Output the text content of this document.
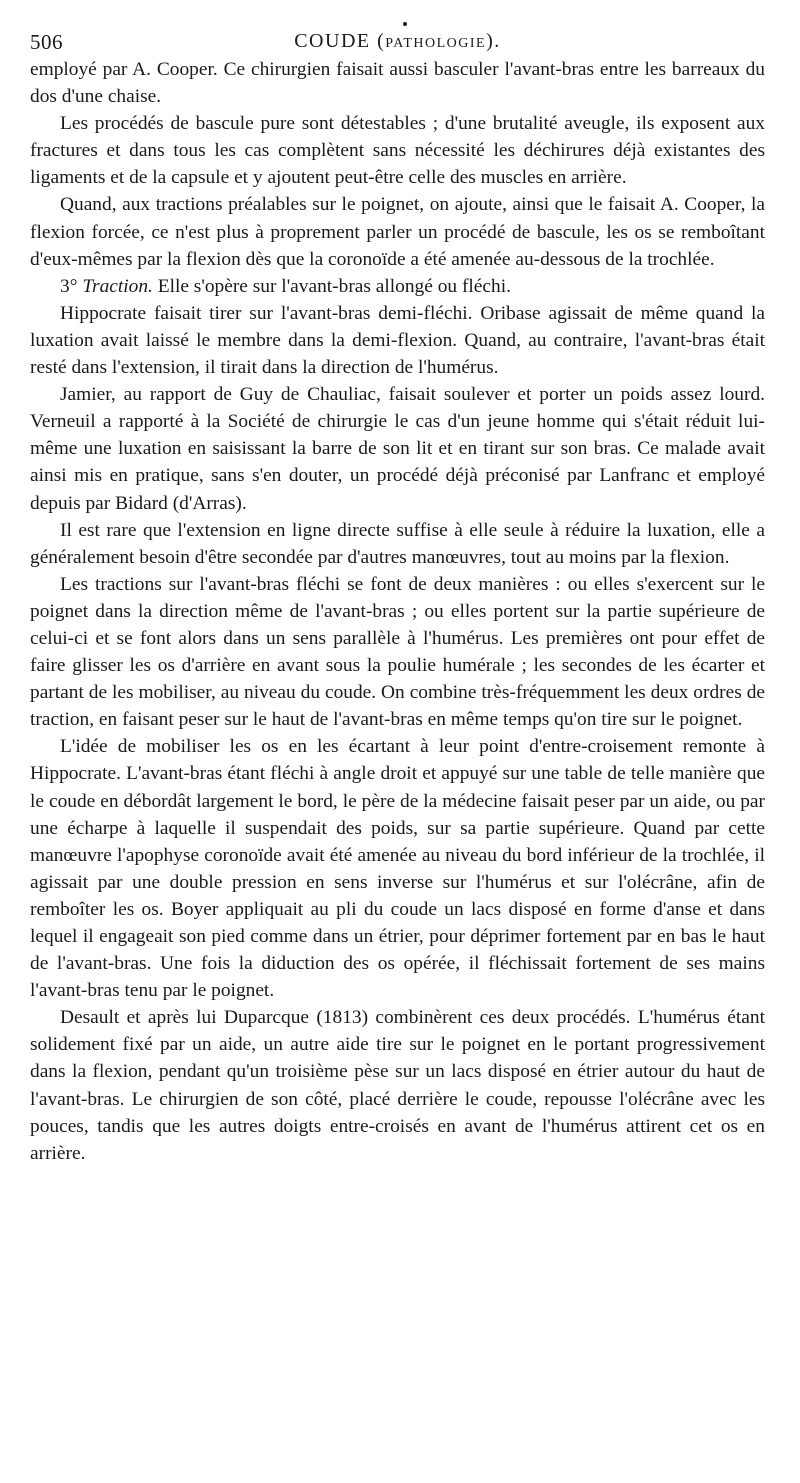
506	COUDE (PATHOLOGIE).

employé par A. Cooper. Ce chirurgien faisait aussi basculer l'avant-bras entre les barreaux du dos d'une chaise.

Les procédés de bascule pure sont détestables ; d'une brutalité aveugle, ils exposent aux fractures et dans tous les cas complètent sans nécessité les déchirures déjà existantes des ligaments et de la capsule et y ajoutent peut-être celle des muscles en arrière.

Quand, aux tractions préalables sur le poignet, on ajoute, ainsi que le faisait A. Cooper, la flexion forcée, ce n'est plus à proprement parler un procédé de bascule, les os se remboîtant d'eux-mêmes par la flexion dès que la coronoïde a été amenée au-dessous de la trochlée.

3° Traction. Elle s'opère sur l'avant-bras allongé ou fléchi.

Hippocrate faisait tirer sur l'avant-bras demi-fléchi. Oribase agissait de même quand la luxation avait laissé le membre dans la demi-flexion. Quand, au contraire, l'avant-bras était resté dans l'extension, il tirait dans la direction de l'humérus.

Jamier, au rapport de Guy de Chauliac, faisait soulever et porter un poids assez lourd. Verneuil a rapporté à la Société de chirurgie le cas d'un jeune homme qui s'était réduit lui-même une luxation en saisissant la barre de son lit et en tirant sur son bras. Ce malade avait ainsi mis en pratique, sans s'en douter, un procédé déjà préconisé par Lanfranc et employé depuis par Bidard (d'Arras).

Il est rare que l'extension en ligne directe suffise à elle seule à réduire la luxation, elle a généralement besoin d'être secondée par d'autres manœuvres, tout au moins par la flexion.

Les tractions sur l'avant-bras fléchi se font de deux manières : ou elles s'exercent sur le poignet dans la direction même de l'avant-bras ; ou elles portent sur la partie supérieure de celui-ci et se font alors dans un sens parallèle à l'humérus. Les premières ont pour effet de faire glisser les os d'arrière en avant sous la poulie humérale ; les secondes de les écarter et partant de les mobiliser, au niveau du coude. On combine très-fréquemment les deux ordres de traction, en faisant peser sur le haut de l'avant-bras en même temps qu'on tire sur le poignet.

L'idée de mobiliser les os en les écartant à leur point d'entre-croisement remonte à Hippocrate. L'avant-bras étant fléchi à angle droit et appuyé sur une table de telle manière que le coude en débordât largement le bord, le père de la médecine faisait peser par un aide, ou par une écharpe à laquelle il suspendait des poids, sur sa partie supérieure. Quand par cette manœuvre l'apophyse coronoïde avait été amenée au niveau du bord inférieur de la trochlée, il agissait par une double pression en sens inverse sur l'humérus et sur l'olécrâne, afin de remboîter les os. Boyer appliquait au pli du coude un lacs disposé en forme d'anse et dans lequel il engageait son pied comme dans un étrier, pour déprimer fortement par en bas le haut de l'avant-bras. Une fois la diduction des os opérée, il fléchissait fortement de ses mains l'avant-bras tenu par le poignet.

Desault et après lui Duparcque (1813) combinèrent ces deux procédés. L'humérus étant solidement fixé par un aide, un autre aide tire sur le poignet en le portant progressivement dans la flexion, pendant qu'un troisième pèse sur un lacs disposé en étrier autour du haut de l'avant-bras. Le chirurgien de son côté, placé derrière le coude, repousse l'olécrâne avec les pouces, tandis que les autres doigts entre-croisés en avant de l'humérus attirent cet os en arrière.
